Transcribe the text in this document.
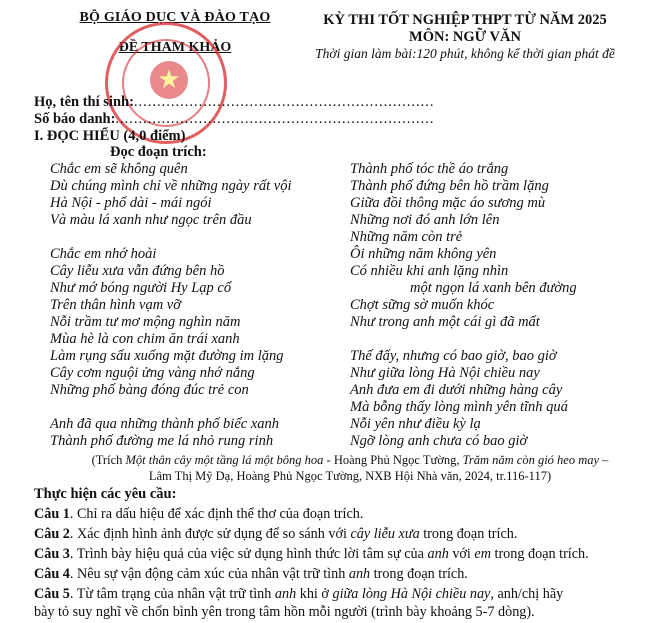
BỘ GIÁO DỤC VÀ ĐÀO TẠO
ĐỀ THAM KHẢO
★
KỲ THI TỐT NGHIỆP THPT TỪ NĂM 2025
MÔN: NGỮ VĂN
Thời gian làm bài:120 phút, không kể thời gian phát đề
Họ, tên thí sinh:.................................................................
Số báo danh:.....................................................................
I. ĐỌC HIỂU (4,0 điểm)
Đọc đoạn trích:
Chắc em sẽ không quên
Dù chúng mình chỉ về những ngày rất vội
Hà Nội - phố dài - mái ngói
Và màu lá xanh như ngọc trên đầu
Chắc em nhớ hoài
Cây liễu xưa vẫn đứng bên hồ
Như mớ bóng người Hy Lạp cổ
Trên thân hình vạm vỡ
Nỗi trầm tư mơ mộng nghìn năm
Mùa hè là con chim ăn trái xanh
Làm rụng sấu xuống mặt đường im lặng
Cây cơm nguội ửng vàng nhớ nắng
Những phố bàng đóng đúc trẻ con
Anh đã qua những thành phố biếc xanh
Thành phố đường me lá nhỏ rung rinh
Thành phố tóc thề áo trắng
Thành phố đứng bên hồ trầm lặng
Giữa đồi thông mặc áo sương mù
Những nơi đó anh lớn lên
Những năm còn trẻ
Ôi những năm không yên
Có nhiều khi anh lặng nhìn
một ngọn lá xanh bên đường
Chợt sững sờ muốn khóc
Như trong anh một cái gì đã mất
Thế đấy, nhưng có bao giờ, bao giờ
Như giữa lòng Hà Nội chiều nay
Anh đưa em đi dưới những hàng cây
Mà bỗng thấy lòng mình yên tĩnh quá
Nỗi yên như điều kỳ lạ
Ngỡ lòng anh chưa có bao giờ
(Trích Một thân cây một tầng lá một bông hoa - Hoàng Phủ Ngọc Tường, Trăm năm còn gió heo may –
Lâm Thị Mỹ Dạ, Hoàng Phủ Ngọc Tường, NXB Hội Nhà văn, 2024, tr.116-117)
Thực hiện các yêu cầu:
Câu 1. Chỉ ra dấu hiệu để xác định thể thơ của đoạn trích.
Câu 2. Xác định hình ảnh được sử dụng để so sánh với cây liễu xưa trong đoạn trích.
Câu 3. Trình bày hiệu quả của việc sử dụng hình thức lời tâm sự của anh với em trong đoạn trích.
Câu 4. Nêu sự vận động cảm xúc của nhân vật trữ tình anh trong đoạn trích.
Câu 5. Từ tâm trạng của nhân vật trữ tình anh khi ở giữa lòng Hà Nội chiều nay, anh/chị hãy
bày tỏ suy nghĩ về chốn bình yên trong tâm hồn mỗi người (trình bày khoảng 5-7 dòng).
